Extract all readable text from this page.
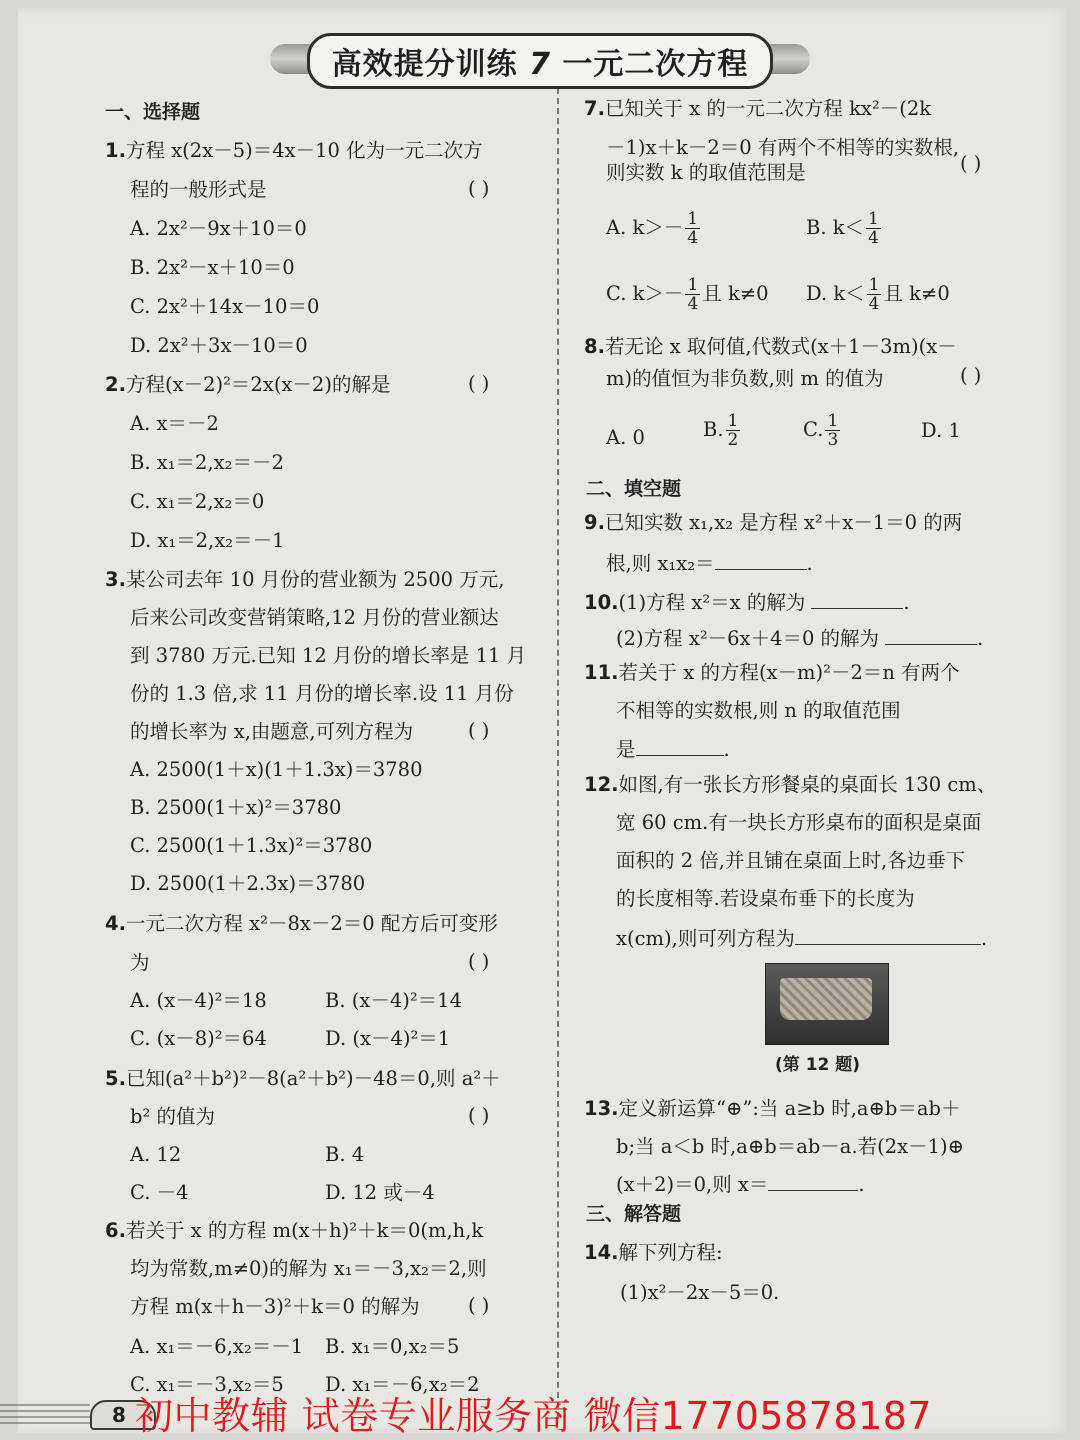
高效提分训练 7 一元二次方程
一、选择题
1.方程 x(2x－5)＝4x－10 化为一元二次方
程的一般形式是	( )
A. 2x²－9x＋10＝0
B. 2x²－x＋10＝0
C. 2x²＋14x－10＝0
D. 2x²＋3x－10＝0
2.方程(x－2)²＝2x(x－2)的解是	( )
A. x＝－2
B. x₁＝2,x₂＝－2
C. x₁＝2,x₂＝0
D. x₁＝2,x₂＝－1
3.某公司去年 10 月份的营业额为 2500 万元,
后来公司改变营销策略,12 月份的营业额达
到 3780 万元.已知 12 月份的增长率是 11 月
份的 1.3 倍,求 11 月份的增长率.设 11 月份
的增长率为 x,由题意,可列方程为	( )
A. 2500(1＋x)(1＋1.3x)＝3780
B. 2500(1＋x)²＝3780
C. 2500(1＋1.3x)²＝3780
D. 2500(1＋2.3x)＝3780
4.一元二次方程 x²－8x－2＝0 配方后可变形
为	( )
A. (x－4)²＝18	B. (x－4)²＝14
C. (x－8)²＝64	D. (x－4)²＝1
5.已知(a²＋b²)²－8(a²＋b²)－48＝0,则 a²＋
b² 的值为	( )
A. 12	B. 4
C. －4	D. 12 或－4
6.若关于 x 的方程 m(x＋h)²＋k＝0(m,h,k
均为常数,m≠0)的解为 x₁＝－3,x₂＝2,则
方程 m(x＋h－3)²＋k＝0 的解为 ( )
A. x₁＝－6,x₂＝－1 B. x₁＝0,x₂＝5
C. x₁＝－3,x₂＝5 D. x₁＝－6,x₂＝2
7.已知关于 x 的一元二次方程 kx²－(2k
－1)x＋k－2＝0 有两个不相等的实数根,
则实数 k 的取值范围是	( )
A. $k>- \frac{1}{4}$	B. $k< \frac{1}{4}$
C. $k>- \frac{1}{4}$ 且 k≠0 D. $k< \frac{1}{4}$ 且 k≠0
8.若无论 x 取何值,代数式(x＋1－3m)(x－
m)的值恒为非负数,则 m 的值为	( )
A. 0	B. $\frac{1}{2}$	C. $\frac{1}{3}$	D. 1
二、填空题
9.已知实数 x₁,x₂ 是方程 x²＋x－1＝0 的两
根,则 x₁x₂＝	.
10.(1)方程 x²＝x 的解为	.
(2)方程 x²－6x＋4＝0 的解为	.
11.若关于 x 的方程(x－m)²－2＝n 有两个
不相等的实数根,则 n 的取值范围
是	.
12.如图,有一张长方形餐桌的桌面长 130 cm、
宽 60 cm.有一块长方形桌布的面积是桌面
面积的 2 倍,并且铺在桌面上时,各边垂下
的长度相等.若设桌布垂下的长度为
x(cm),则可列方程为	.
(第 12 题)
13.定义新运算“⊕”:当 a≥b 时,a⊕b＝ab＋
b;当 a＜b 时,a⊕b＝ab－a.若(2x－1)⊕
(x＋2)＝0,则 x＝	.
三、解答题
14.解下列方程:
(1)x²－2x－5＝0.
8 初中教辅 试卷专业服务商 微信17705878187
